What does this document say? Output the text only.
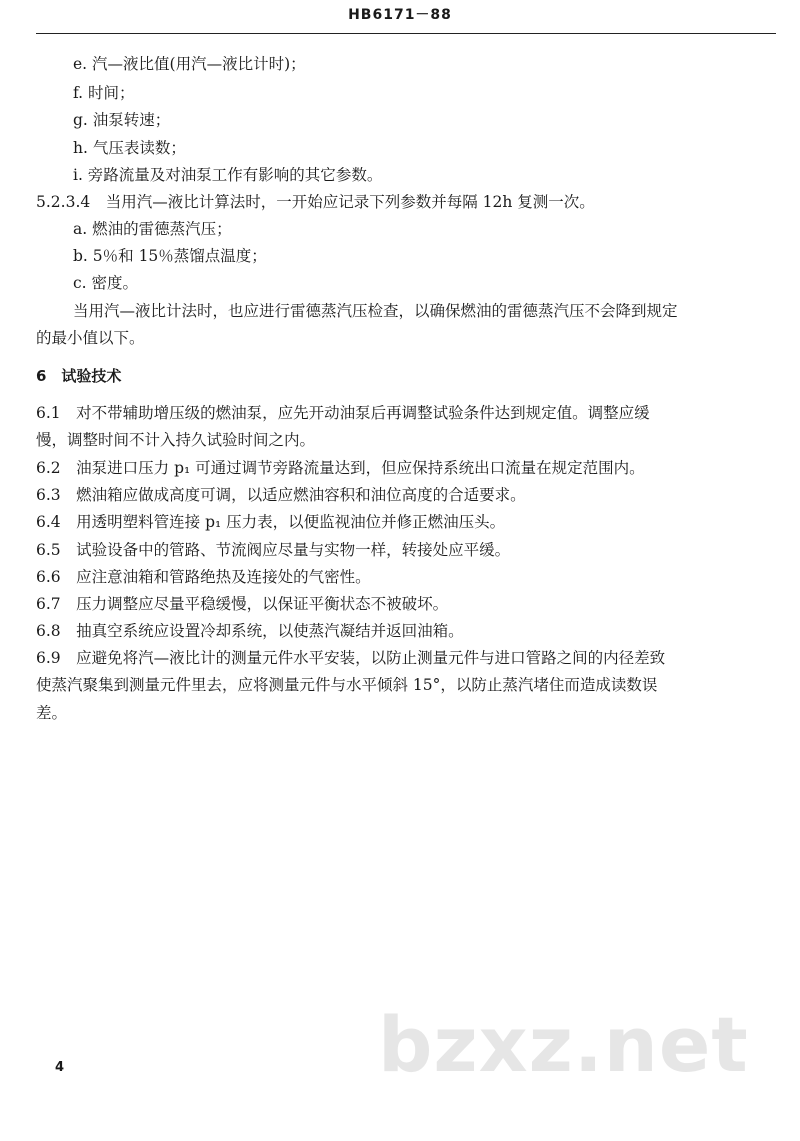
HB6171－88
e. 汽—液比值(用汽—液比计时)；
f. 时间；
g. 油泵转速；
h. 气压表读数；
i. 旁路流量及对油泵工作有影响的其它参数。
5.2.3.4　当用汽—液比计算法时，一开始应记录下列参数并每隔 12h 复测一次。
a. 燃油的雷德蒸汽压；
b. 5％和 15％蒸馏点温度；
c. 密度。
当用汽—液比计法时，也应进行雷德蒸汽压检查，以确保燃油的雷德蒸汽压不会降到规定
的最小值以下。
6　试验技术
6.1　对不带辅助增压级的燃油泵，应先开动油泵后再调整试验条件达到规定值。调整应缓
慢，调整时间不计入持久试验时间之内。
6.2　油泵进口压力 p₁ 可通过调节旁路流量达到，但应保持系统出口流量在规定范围内。
6.3　燃油箱应做成高度可调，以适应燃油容积和油位高度的合适要求。
6.4　用透明塑料管连接 p₁ 压力表，以便监视油位并修正燃油压头。
6.5　试验设备中的管路、节流阀应尽量与实物一样，转接处应平缓。
6.6　应注意油箱和管路绝热及连接处的气密性。
6.7　压力调整应尽量平稳缓慢，以保证平衡状态不被破坏。
6.8　抽真空系统应设置冷却系统，以使蒸汽凝结并返回油箱。
6.9　应避免将汽—液比计的测量元件水平安装，以防止测量元件与进口管路之间的内径差致
使蒸汽聚集到测量元件里去，应将测量元件与水平倾斜 15°，以防止蒸汽堵住而造成读数误
差。
bzxz.net
4
